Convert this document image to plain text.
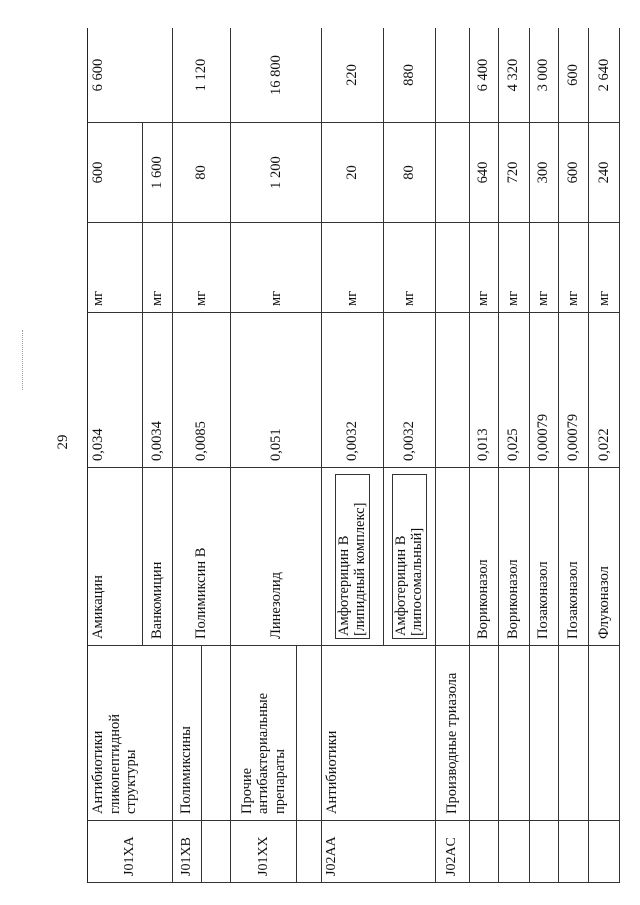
29
J01XA	Антибиотики гликопептидной структуры	Амикацин	0,034	мг	600	6 600
		Ванкомицин	0,0034	мг	1 600	
J01XB	Полимиксины	Полимиксин В	0,0085	мг	80	1 120

J01XX	Прочие антибактериальные препараты	Линезолид	0,051	мг	1 200	16 800

J02AA	Антибиотики	Амфотерицин В [липидный комплекс]	0,0032	мг	20	220

		Амфотерицин В [липосомальный]	0,0032	мг	80	880
J02AC	Производные триазола					
		Вориконазол	0,013	мг	640	6 400
		Вориконазол	0,025	мг	720	4 320
		Позаконазол	0,00079	мг	300	3 000
		Позаконазол	0,00079	мг	600	600
		Флуконазол	0,022	мг	240	2 640
